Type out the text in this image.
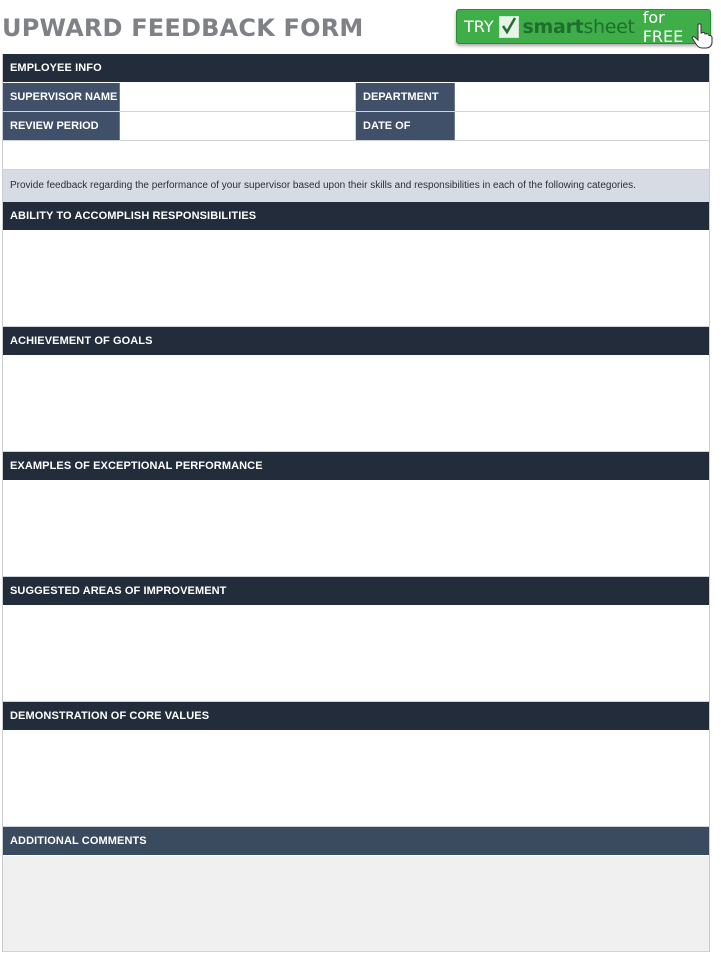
UPWARD FEEDBACK FORM	TRY smartsheet for FREE
EMPLOYEE INFO
SUPERVISOR NAME	DEPARTMENT
REVIEW PERIOD	DATE OF REVIEW
Provide feedback regarding the performance of your supervisor based upon their skills and responsibilities in each of the following categories.
ABILITY TO ACCOMPLISH RESPONSIBILITIES
ACHIEVEMENT OF GOALS
EXAMPLES OF EXCEPTIONAL PERFORMANCE
SUGGESTED AREAS OF IMPROVEMENT
DEMONSTRATION OF CORE VALUES
ADDITIONAL COMMENTS
